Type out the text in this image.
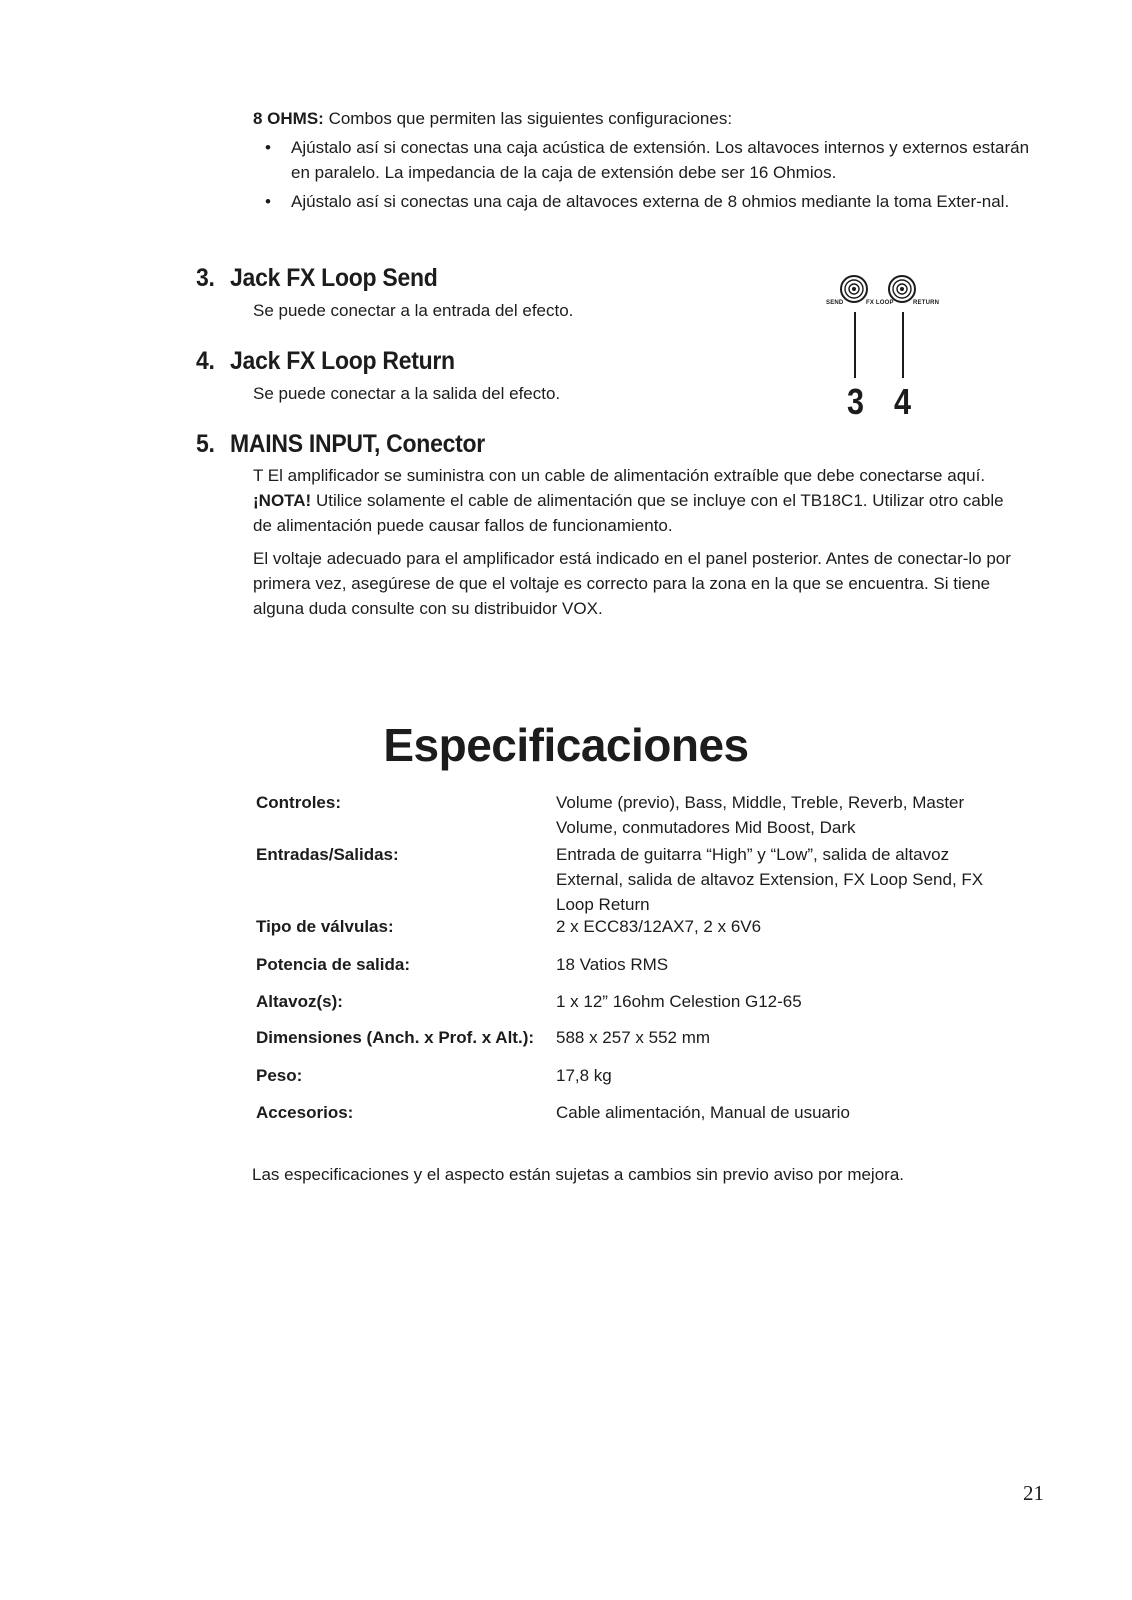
8 OHMS: Combos que permiten las siguientes configuraciones:
• Ajústalo así si conectas una caja acústica de extensión. Los altavoces internos y externos estarán en paralelo. La impedancia de la caja de extensión debe ser 16 Ohmios.
• Ajústalo así si conectas una caja de altavoces externa de 8 ohmios mediante la toma Exter-nal.
3. Jack FX Loop Send
Se puede conectar a la entrada del efecto.
4. Jack FX Loop Return
Se puede conectar a la salida del efecto.
5. MAINS INPUT, Conector
T El amplificador se suministra con un cable de alimentación extraíble que debe conectarse aquí.
¡NOTA! Utilice solamente el cable de alimentación que se incluye con el TB18C1. Utilizar otro cable de alimentación puede causar fallos de funcionamiento.
El voltaje adecuado para el amplificador está indicado en el panel posterior. Antes de conectar-lo por primera vez, asegúrese de que el voltaje es correcto para la zona en la que se encuentra. Si tiene alguna duda consulte con su distribuidor VOX.
SEND	FX LOOP	RETURN
3 4
Especificaciones
Controles:	Volume (previo), Bass, Middle, Treble, Reverb, Master Volume, conmutadores Mid Boost, Dark
Entradas/Salidas:	Entrada de guitarra “High” y “Low”, salida de altavoz External, salida de altavoz Extension, FX Loop Send, FX Loop Return
Tipo de válvulas:	2 x ECC83/12AX7, 2 x 6V6
Potencia de salida:	18 Vatios RMS
Altavoz(s):	1 x 12” 16ohm Celestion G12-65
Dimensiones (Anch. x Prof. x Alt.): 588 x 257 x 552 mm
Peso:	17,8 kg
Accesorios:	Cable alimentación, Manual de usuario
Las especificaciones y el aspecto están sujetas a cambios sin previo aviso por mejora.
21
